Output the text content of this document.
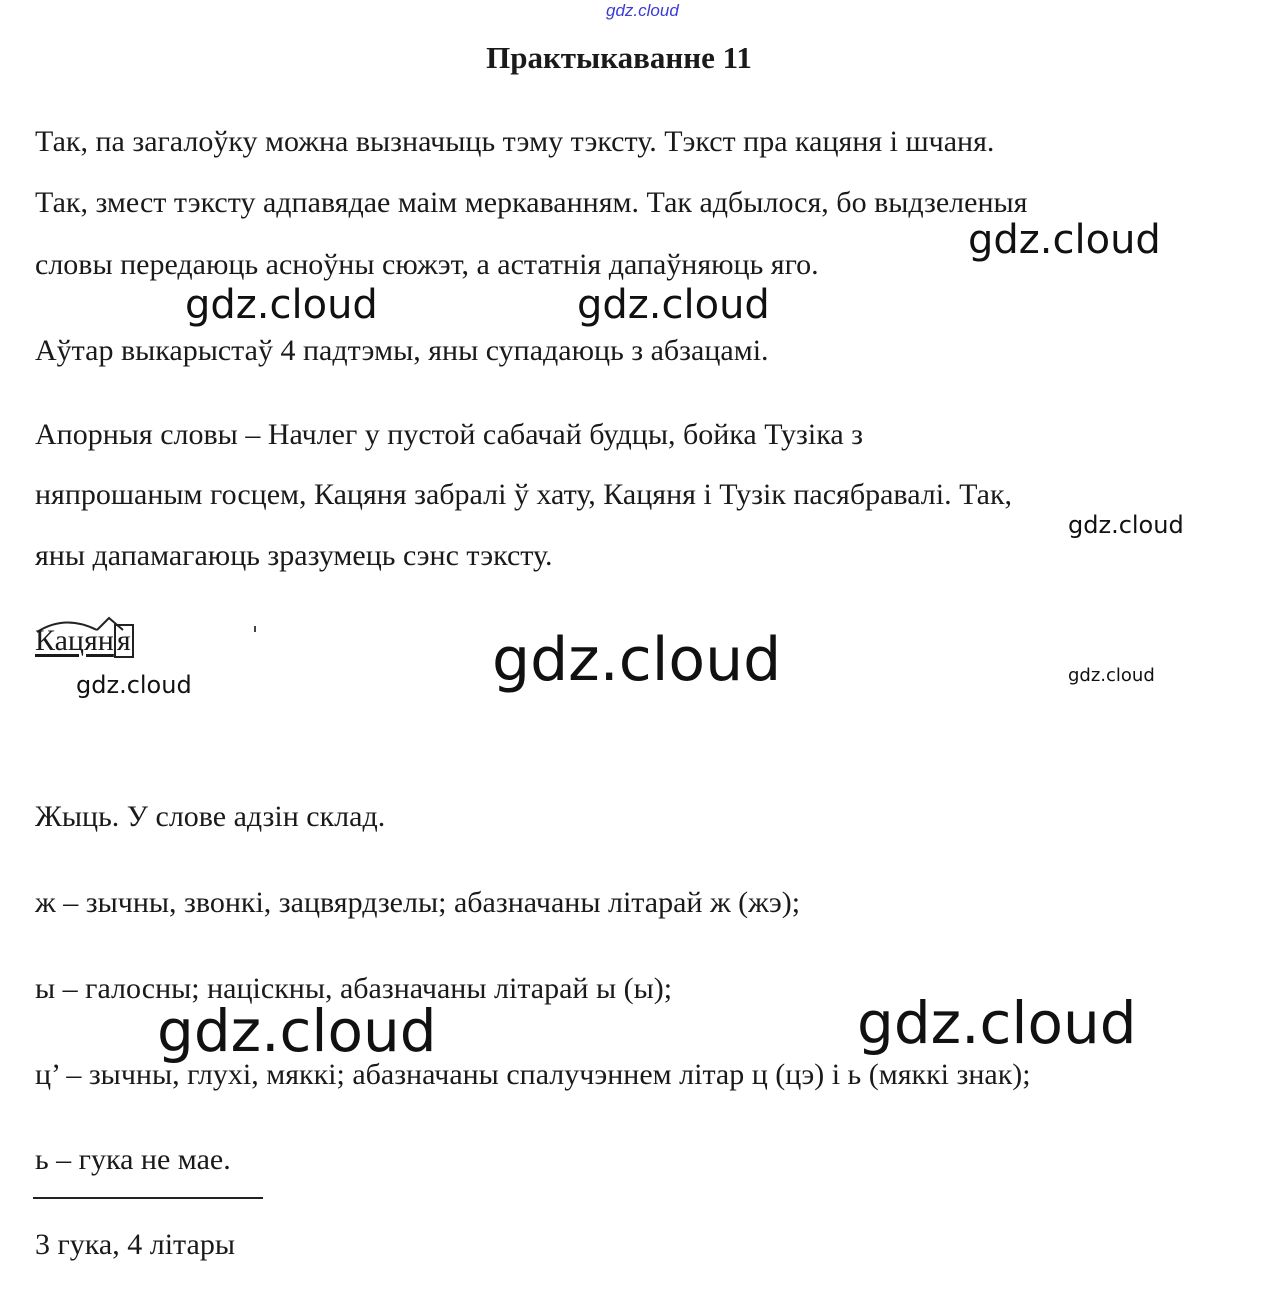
gdz.cloud
Практыкаванне 11
Так, па загалоўку можна вызначыць тэму тэксту. Тэкст пра кацяня і шчаня.
Так, змест тэксту адпавядае маім меркаванням. Так адбылося, бо выдзеленыя
словы передаюць асноўны сюжэт, а астатнія дапаўняюць яго.
Аўтар выкарыстаў 4 падтэмы, яны супадаюць з абзацамі.
Апорныя словы – Начлег у пустой сабачай будцы, бойка Тузіка з
няпрошаным госцем, Кацяня забралі ў хату, Кацяня і Тузік пасябравалі. Так,
яны дапамагаюць зразумець сэнс тэксту.
Кацян я
Жыць. У слове адзін склад.
ж – зычны, звонкі, зацвярдзелы; абазначаны літарай ж (жэ);
ы – галосны; націскны, абазначаны літарай ы (ы);
ц’ – зычны, глухі, мяккі; абазначаны спалучэннем літар ц (цэ) і ь (мяккі знак);
ь – гука не мае.
3 гука, 4 літары
gdz.cloud
gdz.cloud	gdz.cloud
gdz.cloud
gdz.cloud
gdz.cloud	gdz.cloud
gdz.cloud	gdz.cloud
